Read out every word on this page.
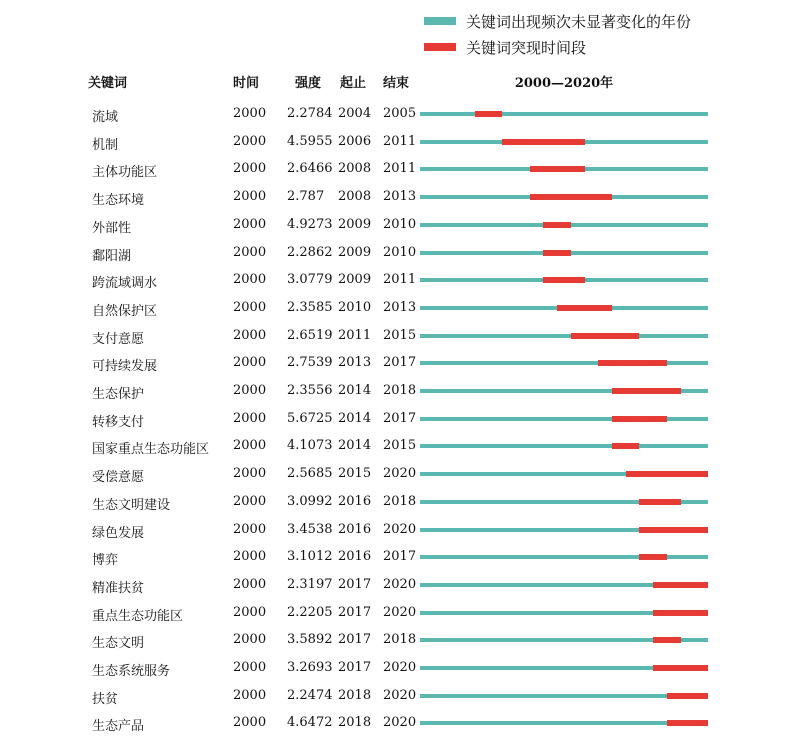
关键词出现频次未显著变化的年份
关键词突现时间段
关键词	时间	强度 起止 结束	2000—2020年
流域	2000 2.2784 2004 2005
机制	2000 4.5955 2006 2011
主体功能区	2000 2.6466 2008 2011
生态环境	2000 2.787 2008 2013
外部性	2000 4.9273 2009 2010
鄱阳湖	2000 2.2862 2009 2010
跨流域调水	2000 3.0779 2009 2011
自然保护区	2000 2.3585 2010 2013
支付意愿	2000 2.6519 2011 2015
可持续发展	2000 2.7539 2013 2017
生态保护	2000 2.3556 2014 2018
转移支付	2000 5.6725 2014 2017
国家重点生态功能区 2000 4.1073 2014 2015
受偿意愿	2000 2.5685 2015 2020
生态文明建设	2000 3.0992 2016 2018
绿色发展	2000 3.4538 2016 2020
博弈	2000 3.1012 2016 2017
精准扶贫	2000 2.3197 2017 2020
重点生态功能区	2000 2.2205 2017 2020
生态文明	2000 3.5892 2017 2018
生态系统服务	2000 3.2693 2017 2020
扶贫	2000 2.2474 2018 2020
生态产品	2000 4.6472 2018 2020
